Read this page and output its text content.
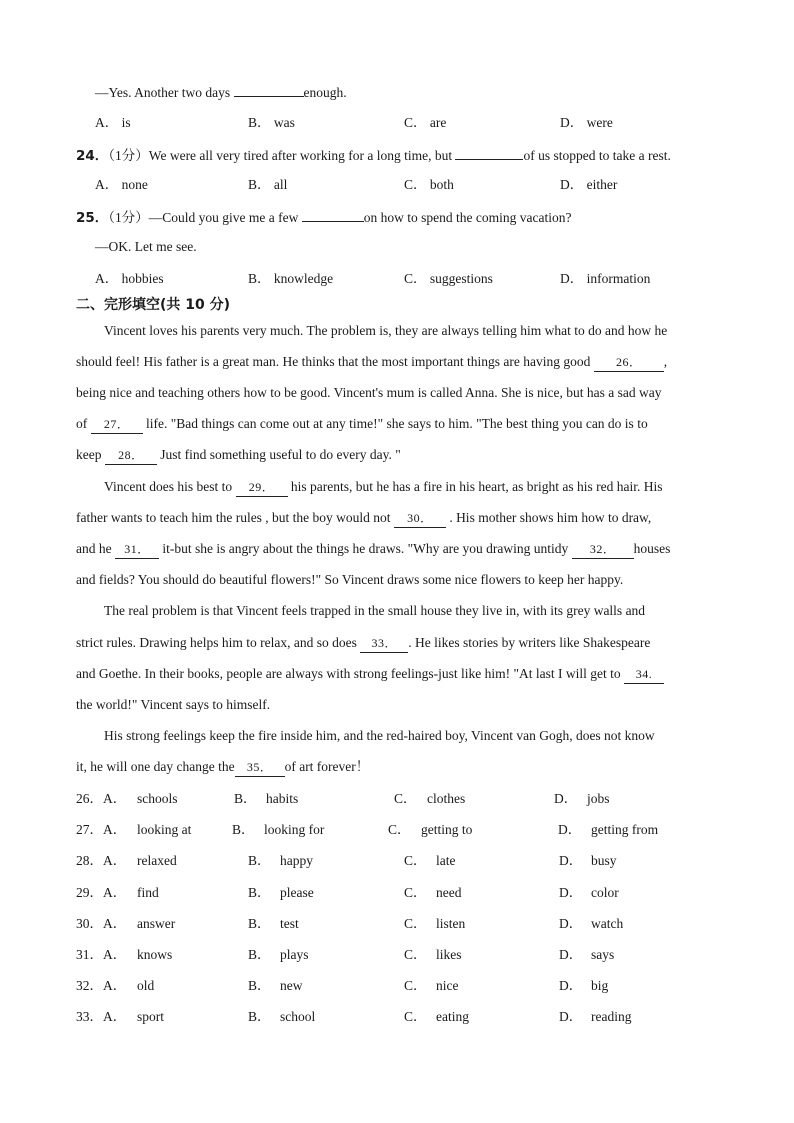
—Yes. Another two days	enough.
A． is	B． was	C． are	D． were
24．（1分）We were all very tired after working for a long time, but	of us stopped to take a rest.
A． none	B． all	C． both	D． either
25．（1分）—Could you give me a few	on how to spend the coming vacation?
—OK. Let me see.
A． hobbies	B． knowledge	C． suggestions	D． information
二、完形填空(共 10 分)
Vincent loves his parents very much. The problem is, they are always telling him what to do and how he
should feel! His father is a great man. He thinks that the most important things are having good 26． ,
being nice and teaching others how to be good. Vincent's mum is called Anna. She is nice, but has a sad way
of 27． life. "Bad things can come out at any time!" she says to him. "The best thing you can do is to
keep 28． Just find something useful to do every day. "
Vincent does his best to 29． his parents, but he has a fire in his heart, as bright as his red hair. His
father wants to teach him the rules , but the boy would not 30． . His mother shows him how to draw,
and he 31． it-but she is angry about the things he draws. "Why are you drawing untidy 32． houses
and fields? You should do beautiful flowers!" So Vincent draws some nice flowers to keep her happy.
The real problem is that Vincent feels trapped in the small house they live in, with its grey walls and
strict rules. Drawing helps him to relax, and so does 33． . He likes stories by writers like Shakespeare
and Goethe. In their books, people are always with strong feelings-just like him! "At last I will get to 34.
the world!" Vincent says to himself.
His strong feelings keep the fire inside him, and the red-haired boy, Vincent van Gogh, does not know
it, he will one day change the 35． of art forever！
26．A． schools	B． habits	C． clothes	D． jobs
27．A． looking at	B． looking for	C． getting to	D． getting from
28．A． relaxed	B． happy	C． late	D． busy
29．A． find	B． please	C． need	D． color
30．A． answer	B． test	C． listen	D． watch
31．A． knows	B． plays	C． likes	D． says
32．A． old	B． new	C． nice	D． big
33．A． sport	B． school	C． eating	D． reading
